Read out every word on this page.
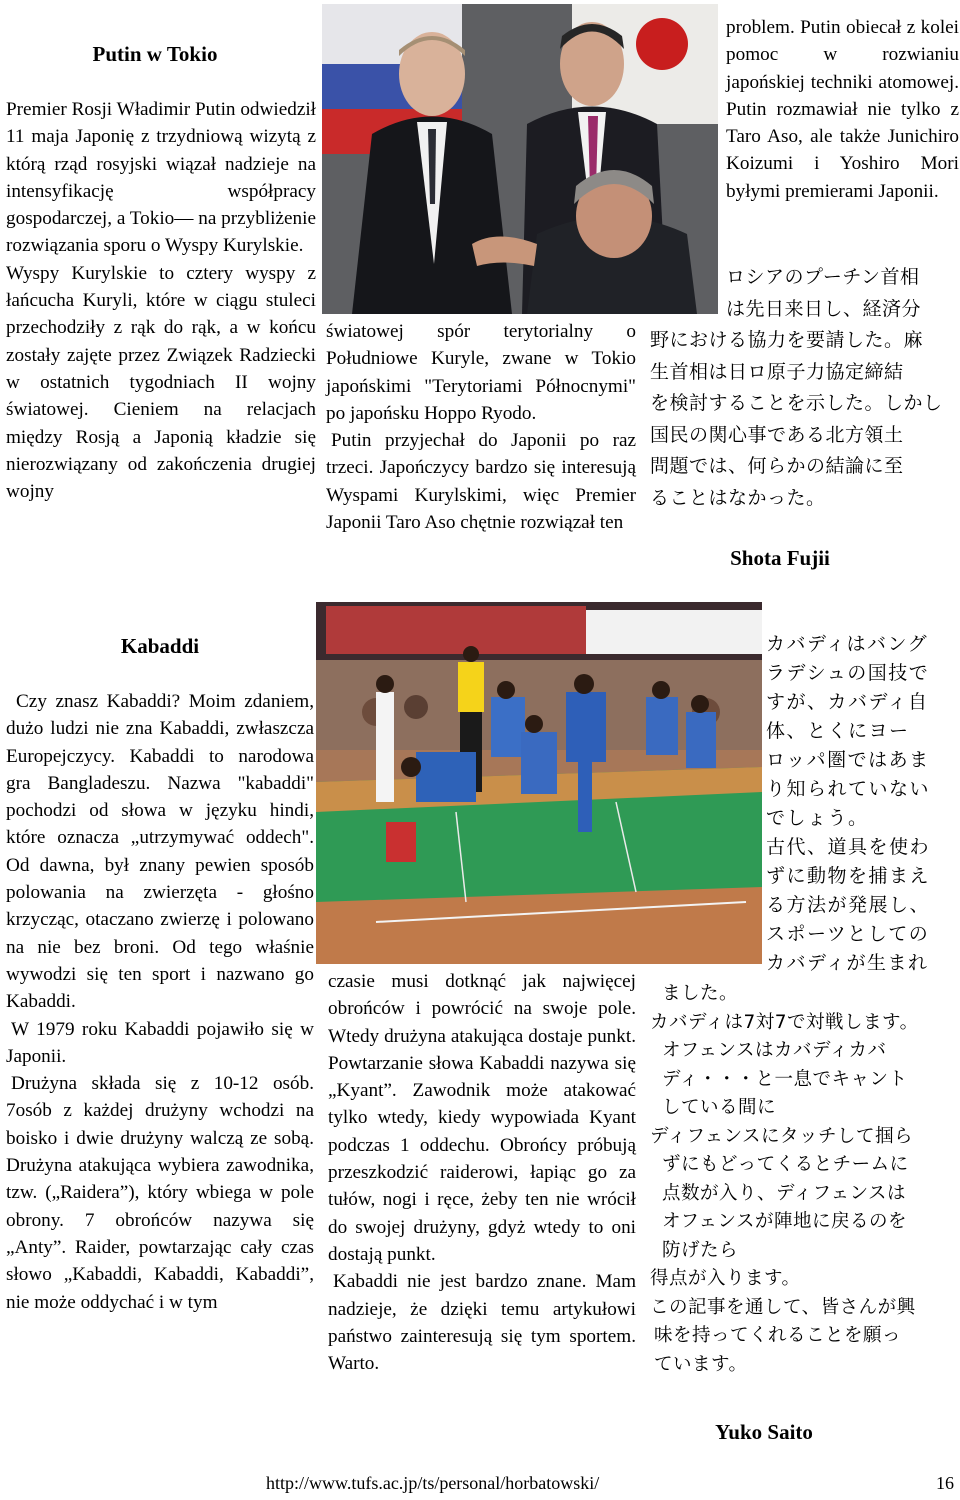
Putin w Tokio

Premier Rosji Władimir Putin odwiedził 11 maja Japonię z trzydniową wizytą z którą rząd rosyjski wiązał nadzieje na intensyfikację współpracy gospodarczej, a Tokio— na przybliżenie rozwiązania sporu o Wyspy Kurylskie.

Wyspy Kurylskie to cztery wyspy z łańcucha Kuryli, które w ciągu stuleci przechodziły z rąk do rąk, a w końcu zostały zajęte przez Związek Radziecki w ostatnich tygodniach II wojny światowej. Cieniem na relacjach między Rosją a Japonią kładzie się nierozwiązany od zakończenia drugiej wojny

światowej spór terytorialny o Południowe Kuryle, zwane w Tokio japońskimi "Terytoriami Północnymi" po japońsku Hoppo Ryodo.

Putin przyjechał do Japonii po raz trzeci. Japończycy bardzo się interesują Wyspami Kurylskimi, więc Premier Japonii Taro Aso chętnie rozwiązał ten

problem. Putin obiecał z kolei pomoc w rozwianiu japońskiej techniki atomowej. Putin rozmawiał nie tylko z Taro Aso, ale także Junichiro Koizumi i Yoshiro Mori byłymi premierami Japonii.

ロシアのプーチン首相

は先日来日し、経済分

野における協力を要請した。麻

生首相は日ロ原子力協定締結

を検討することを示した。しかし

国民の関心事である北方領土

問題では、何らかの結論に至

ることはなかった。

Shota Fujii
Kabaddi

Czy znasz Kabaddi? Moim zdaniem, dużo ludzi nie zna Kabaddi, zwłaszcza Europejczycy. Kabaddi to narodowa gra Bangladeszu. Nazwa "kabaddi" pochodzi od słowa w języku hindi, które oznacza „utrzymywać oddech". Od dawna, był znany pewien sposób polowania na zwierzęta - głośno krzycząc, otaczano zwierzę i polowano na nie bez broni. Od tego właśnie wywodzi się ten sport i nazwano go Kabaddi.

W 1979 roku Kabaddi pojawiło się w Japonii.

Drużyna składa się z 10-12 osób. 7osób z każdej drużyny wchodzi na boisko i dwie drużyny walczą ze sobą. Drużyna atakująca wybiera zawodnika, tzw. („Raidera”), który wbiega w pole obrony. 7 obrońców nazywa się „Anty”. Raider, powtarzając cały czas słowo „Kabaddi, Kabaddi, Kabaddi”, nie może oddychać i w tym

czasie musi dotknąć jak najwięcej obrońców i powrócić na swoje pole. Wtedy drużyna atakująca dostaje punkt. Powtarzanie słowa Kabaddi nazywa się „Kyant”. Zawodnik może atakować tylko wtedy, kiedy wypowiada Kyant podczas 1 oddechu. Obrońcy próbują przeszkodzić raiderowi, łapiąc go za tułów, nogi i ręce, żeby ten nie wrócił do swojej drużyny, gdyż wtedy to oni dostają punkt.

Kabaddi nie jest bardzo znane. Mam nadzieje, że dzięki temu artykułowi państwo zainteresują się tym sportem. Warto.

カバディはバング

ラデシュの国技で

すが、カバディ自

体、とくにヨー

ロッパ圏ではあま

り知られていない

でしょう。

古代、道具を使わ

ずに動物を捕まえ

る方法が発展し、

スポーツとしての

カバディが生まれ

ました。

カバディは7対7で対戦します。

オフェンスはカバディカバ

ディ・・・と一息でキャント

している間に

ディフェンスにタッチして掴ら

ずにもどってくるとチームに

点数が入り、ディフェンスは

オフェンスが陣地に戻るのを

防げたら

得点が入ります。

この記事を通して、皆さんが興

味を持ってくれることを願っ

ています。

Yuko Saito
http://www.tufs.ac.jp/ts/personal/horbatowski/	16
